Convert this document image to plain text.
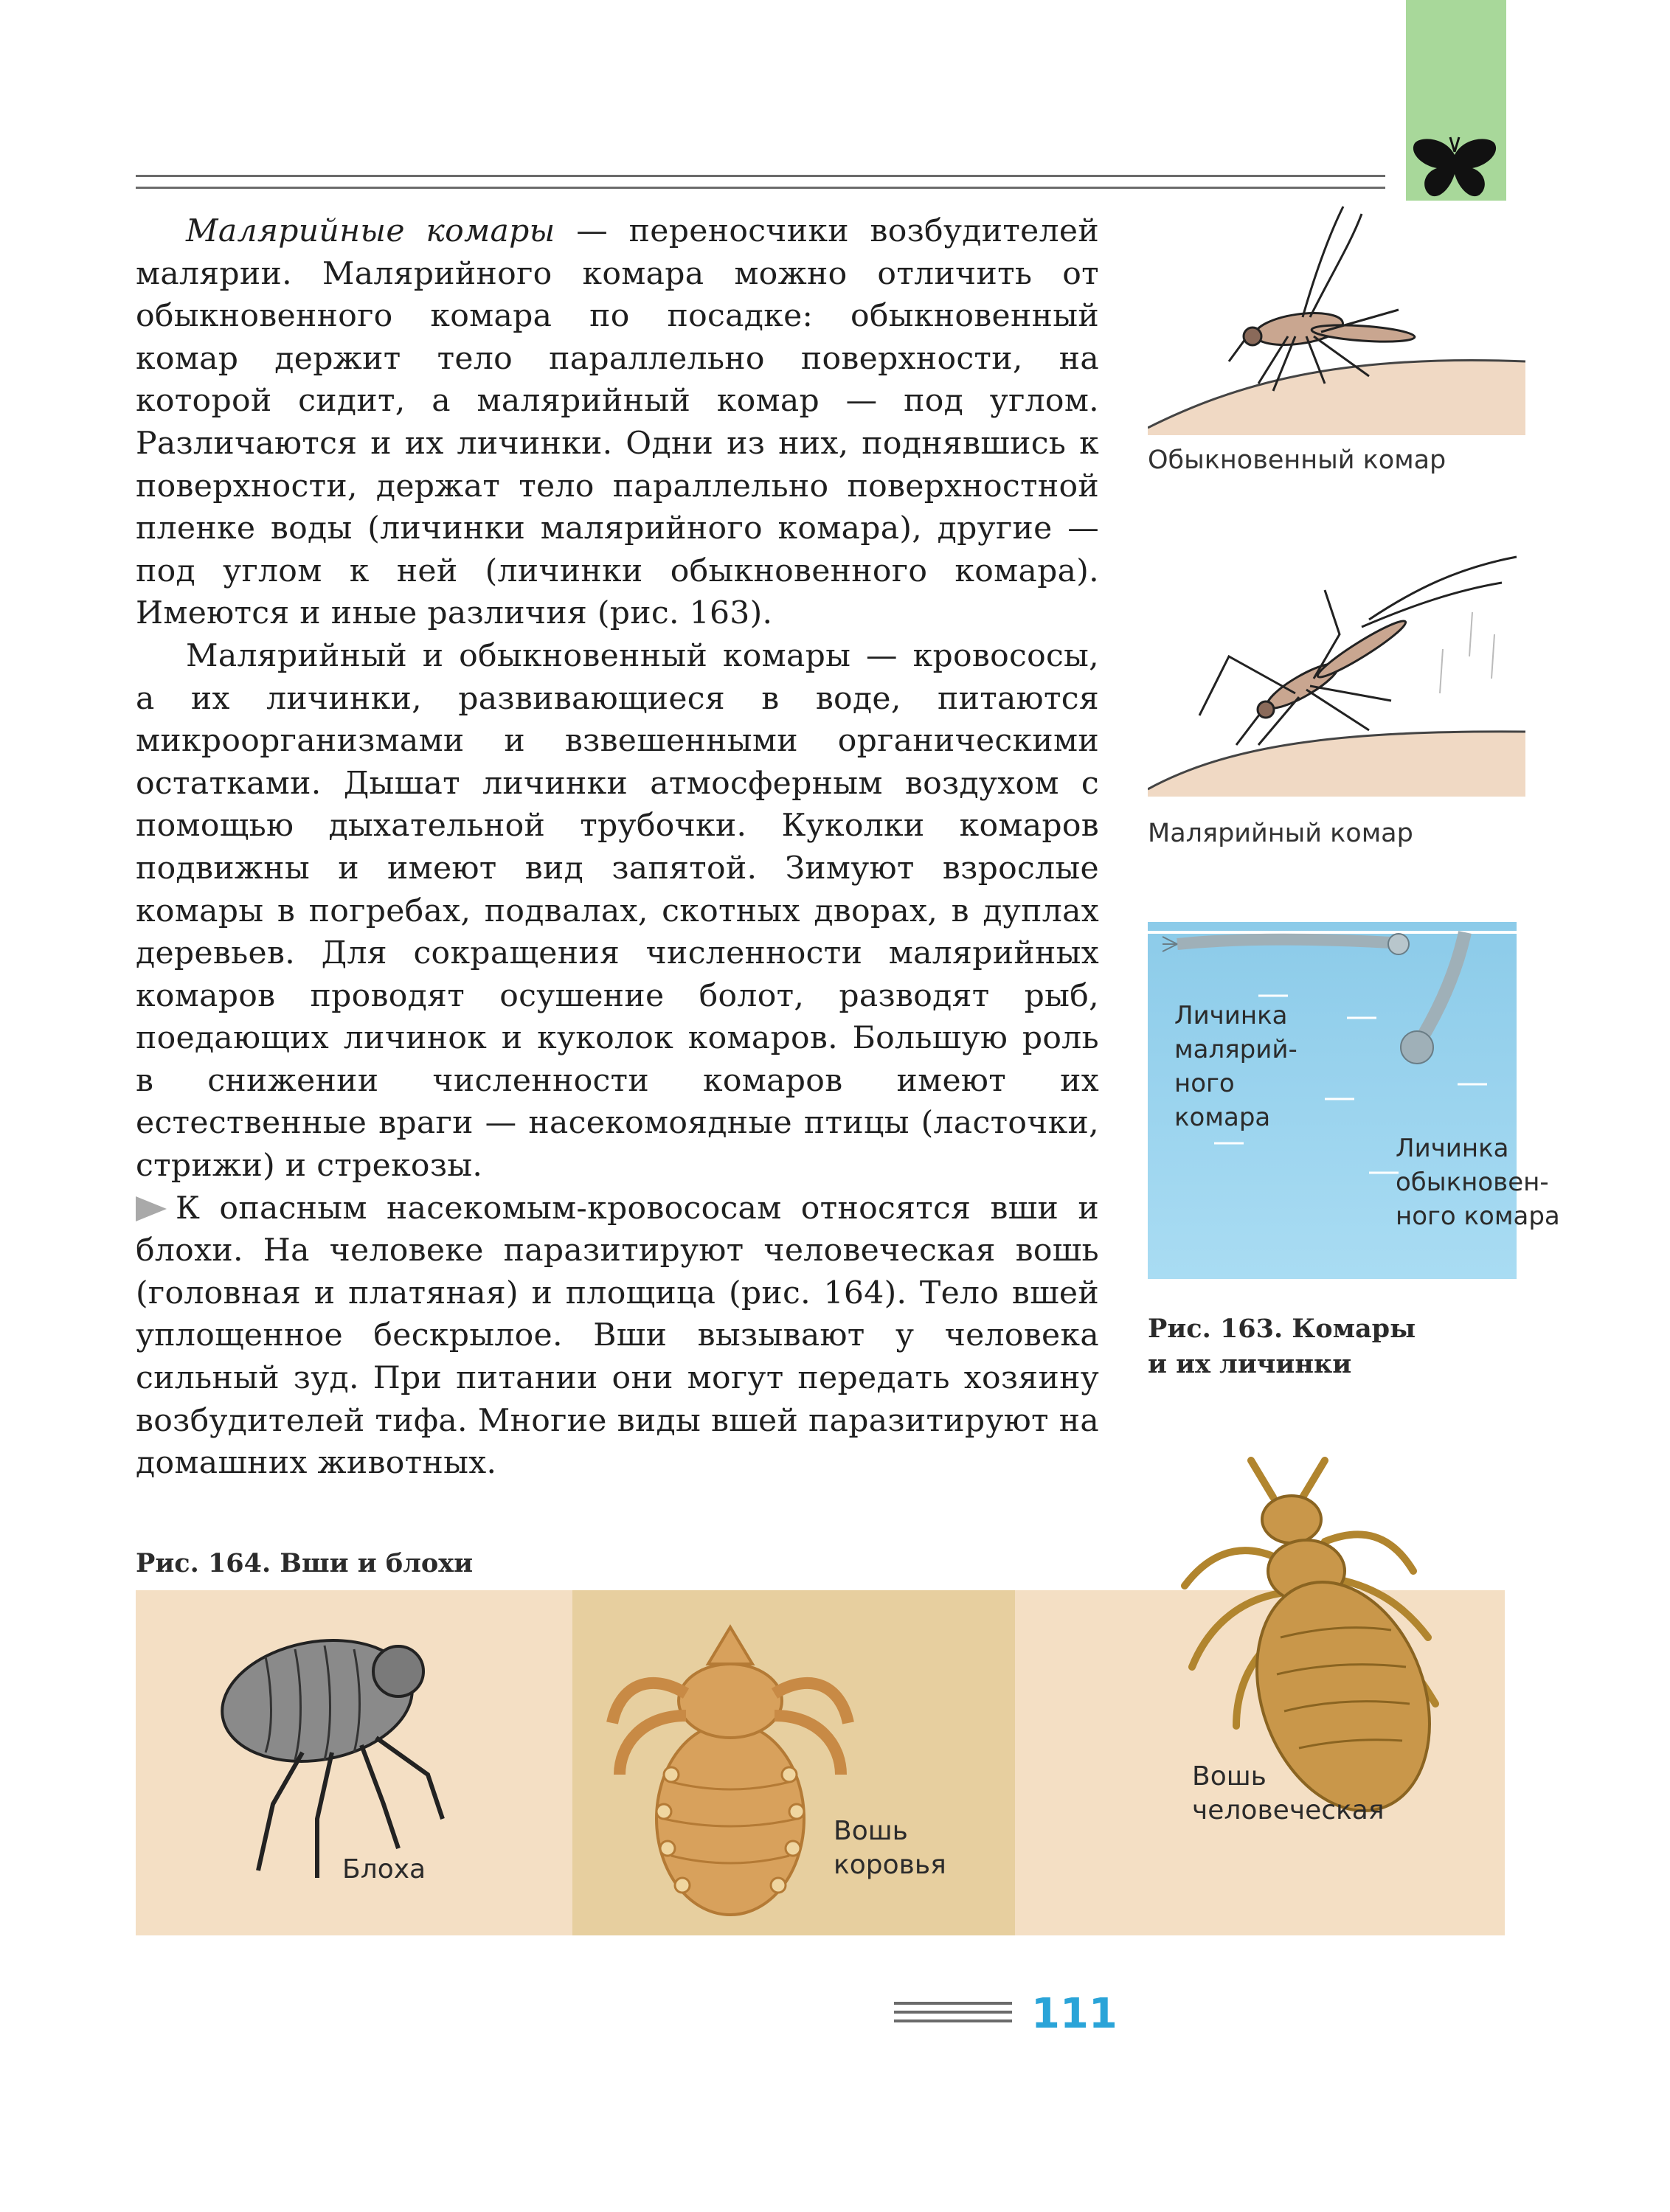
Малярийные комары — переносчики возбудителей малярии. Малярийного комара можно отличить от обыкновенного комара по посадке: обыкновенный комар держит тело параллельно поверхности, на которой сидит, а малярийный комар — под углом. Различаются и их личинки. Одни из них, поднявшись к поверхности, держат тело параллельно поверхностной пленке воды (личинки малярийного комара), другие — под углом к ней (личинки обыкновенного комара). Имеются и иные различия (рис. 163).

Малярийный и обыкновенный комары — кровососы, а их личинки, развивающиеся в воде, питаются микроорганизмами и взвешенными органическими остатками. Дышат личинки атмосферным воздухом с помощью дыхательной трубочки. Куколки комаров подвижны и имеют вид запятой. Зимуют взрослые комары в погребах, подвалах, скотных дворах, в дуплах деревьев. Для сокращения численности малярийных комаров проводят осушение болот, разводят рыб, поедающих личинок и куколок комаров. Большую роль в снижении численности комаров имеют их естественные враги — насекомоядные птицы (ласточки, стрижи) и стрекозы.

К опасным насекомым-кровососам относятся вши и блохи. На человеке паразитируют человеческая вошь (головная и платяная) и площица (рис. 164). Тело вшей уплощенное бескрылое. Вши вызывают у человека сильный зуд. При питании они могут передать хозяину возбудителей тифа. Многие виды вшей паразитируют на домашних животных.

Обыкновенный комар
Малярийный комар
Личинка
малярий-
ного
комара
Личинка
обыкновен-
ного комара
Рис. 163. Комары
и их личинки
Рис. 164. Вши и блохи
Блоха
Вошь
коровья
Вошь
человеческая
111
